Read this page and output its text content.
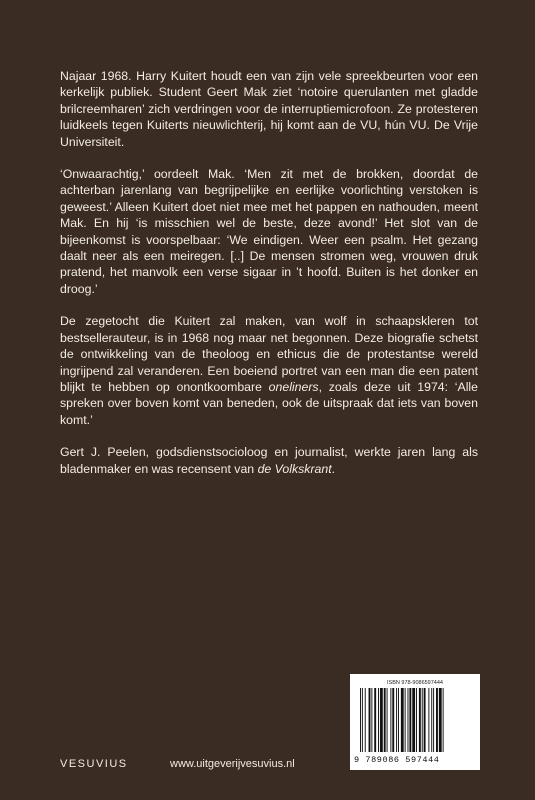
Najaar 1968. Harry Kuitert houdt een van zijn vele spreekbeurten voor een kerkelijk publiek. Student Geert Mak ziet ‘notoire querulanten met gladde brilcreemharen’ zich verdringen voor de interruptiemicrofoon. Ze protesteren luidkeels tegen Kuiterts nieuwlichterij, hij komt aan de VU, hún VU. De Vrije Universiteit.

‘Onwaarachtig,’ oordeelt Mak. ‘Men zit met de brokken, doordat de achterban jarenlang van begrijpelijke en eerlijke voorlichting verstoken is geweest.’ Alleen Kuitert doet niet mee met het pappen en nathouden, meent Mak. En hij ‘is misschien wel de beste, deze avond!’ Het slot van de bijeenkomst is voorspelbaar: ‘We eindigen. Weer een psalm. Het gezang daalt neer als een meiregen. [..] De mensen stromen weg, vrouwen druk pratend, het manvolk een verse sigaar in ’t hoofd. Buiten is het donker en droog.’

De zegetocht die Kuitert zal maken, van wolf in schaapskleren tot bestsellerauteur, is in 1968 nog maar net begonnen. Deze biografie schetst de ontwikkeling van de theoloog en ethicus die de protestantse wereld ingrijpend zal veranderen. Een boeiend portret van een man die een patent blijkt te hebben op onontkoombare oneliners, zoals deze uit 1974: ‘Alle spreken over boven komt van beneden, ook de uitspraak dat iets van boven komt.’

Gert J. Peelen, godsdienstsocioloog en journalist, werkte jaren lang als bladenmaker en was recensent van de Volkskrant.

ISBN 978-9086597444
9 789086 597444
VESUVIUS	www.uitgeverijvesuvius.nl
